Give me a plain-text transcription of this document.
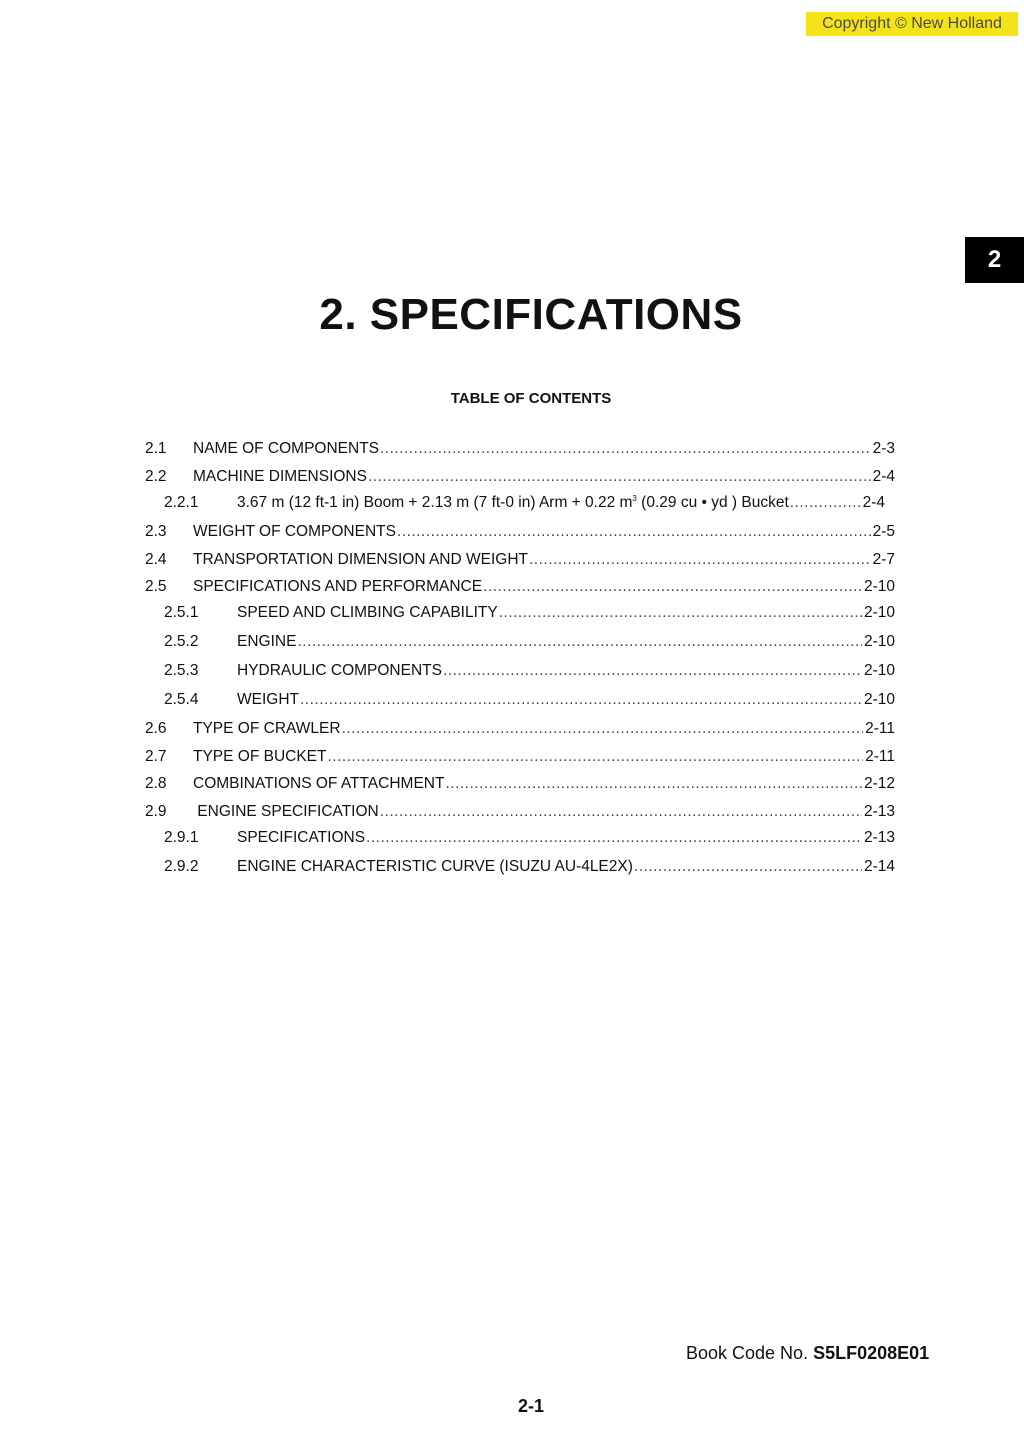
Copyright © New Holland
2
2. SPECIFICATIONS
TABLE OF CONTENTS
2.1	NAME OF COMPONENTS .....	2-3
2.2	MACHINE DIMENSIONS .....	2-4
2.2.1	3.67 m (12 ft-1 in) Boom + 2.13 m (7 ft-0 in) Arm + 0.22 $m^3$ (0.29 cu • yd ) Bucket .....	2-4
2.3	WEIGHT OF COMPONENTS .....	2-5
2.4	TRANSPORTATION DIMENSION AND WEIGHT .....	2-7
2.5	SPECIFICATIONS AND PERFORMANCE .....	2-10
2.5.1	SPEED AND CLIMBING CAPABILITY .....	2-10
2.5.2	ENGINE .....	2-10
2.5.3	HYDRAULIC COMPONENTS .....	2-10
2.5.4	WEIGHT .....	2-10
2.6	TYPE OF CRAWLER .....	2-11
2.7	TYPE OF BUCKET .....	2-11
2.8	COMBINATIONS OF ATTACHMENT .....	2-12
2.9	ENGINE SPECIFICATION .....	2-13
2.9.1	SPECIFICATIONS .....	2-13
2.9.2	ENGINE CHARACTERISTIC CURVE (ISUZU AU-4LE2X) .....	2-14
Book Code No. S5LF0208E01
2-1
